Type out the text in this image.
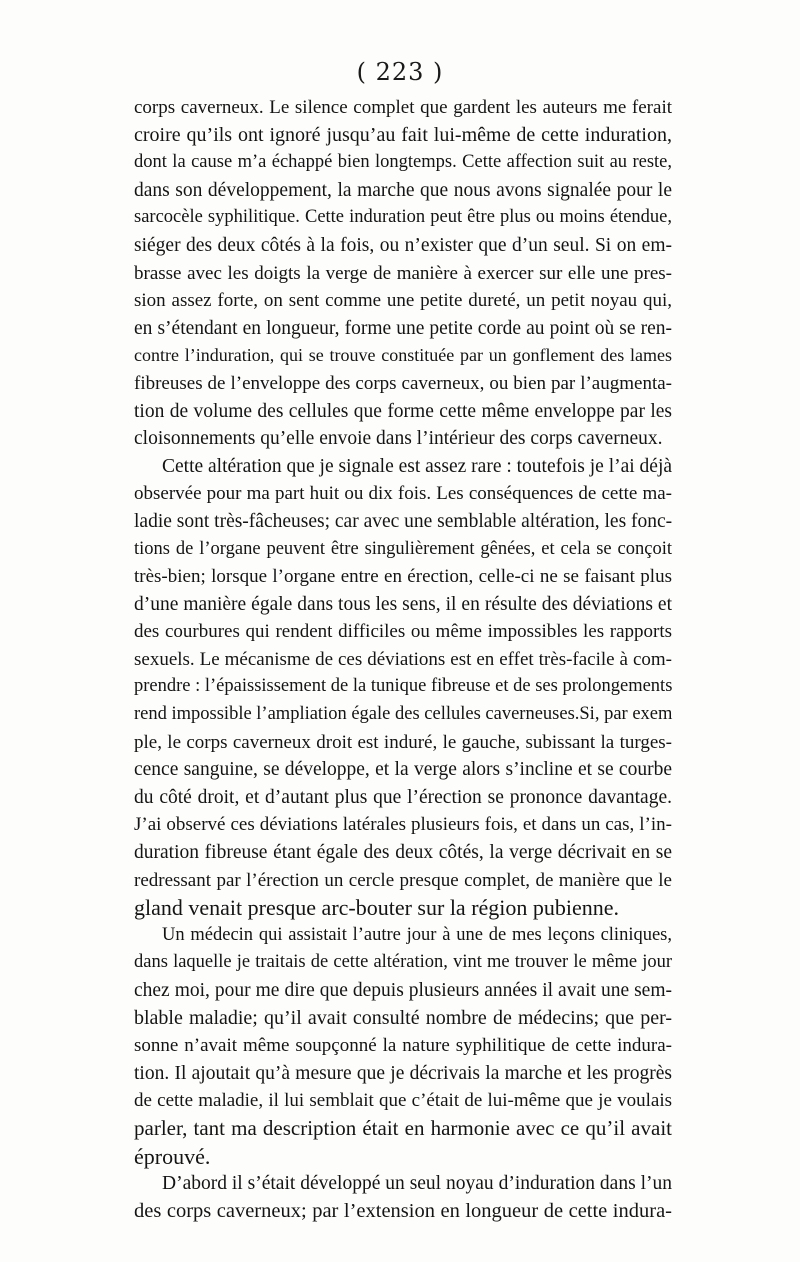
( 223 )
corps caverneux. Le silence complet que gardent les auteurs me ferait
croire qu’ils ont ignoré jusqu’au fait lui-même de cette induration,
dont la cause m’a échappé bien longtemps. Cette affection suit au reste,
dans son développement, la marche que nous avons signalée pour le
sarcocèle syphilitique. Cette induration peut être plus ou moins étendue,
siéger des deux côtés à la fois, ou n’exister que d’un seul. Si on em-
brasse avec les doigts la verge de manière à exercer sur elle une pres-
sion assez forte, on sent comme une petite dureté, un petit noyau qui,
en s’étendant en longueur, forme une petite corde au point où se ren-
contre l’induration, qui se trouve constituée par un gonflement des lames
fibreuses de l’enveloppe des corps caverneux, ou bien par l’augmenta-
tion de volume des cellules que forme cette même enveloppe par les
cloisonnements qu’elle envoie dans l’intérieur des corps caverneux.
Cette altération que je signale est assez rare : toutefois je l’ai déjà
observée pour ma part huit ou dix fois. Les conséquences de cette ma-
ladie sont très-fâcheuses; car avec une semblable altération, les fonc-
tions de l’organe peuvent être singulièrement gênées, et cela se conçoit
très-bien; lorsque l’organe entre en érection, celle-ci ne se faisant plus
d’une manière égale dans tous les sens, il en résulte des déviations et
des courbures qui rendent difficiles ou même impossibles les rapports
sexuels. Le mécanisme de ces déviations est en effet très-facile à com-
prendre : l’épaississement de la tunique fibreuse et de ses prolongements
rend impossible l’ampliation égale des cellules caverneuses.Si, par exem
ple, le corps caverneux droit est induré, le gauche, subissant la turges-
cence sanguine, se développe, et la verge alors s’incline et se courbe
du côté droit, et d’autant plus que l’érection se prononce davantage.
J’ai observé ces déviations latérales plusieurs fois, et dans un cas, l’in-
duration fibreuse étant égale des deux côtés, la verge décrivait en se
redressant par l’érection un cercle presque complet, de manière que le
gland venait presque arc-bouter sur la région pubienne.
Un médecin qui assistait l’autre jour à une de mes leçons cliniques,
dans laquelle je traitais de cette altération, vint me trouver le même jour
chez moi, pour me dire que depuis plusieurs années il avait une sem-
blable maladie; qu’il avait consulté nombre de médecins; que per-
sonne n’avait même soupçonné la nature syphilitique de cette indura-
tion. Il ajoutait qu’à mesure que je décrivais la marche et les progrès
de cette maladie, il lui semblait que c’était de lui-même que je voulais
parler, tant ma description était en harmonie avec ce qu’il avait
éprouvé.
D’abord il s’était développé un seul noyau d’induration dans l’un
des corps caverneux; par l’extension en longueur de cette indura-
